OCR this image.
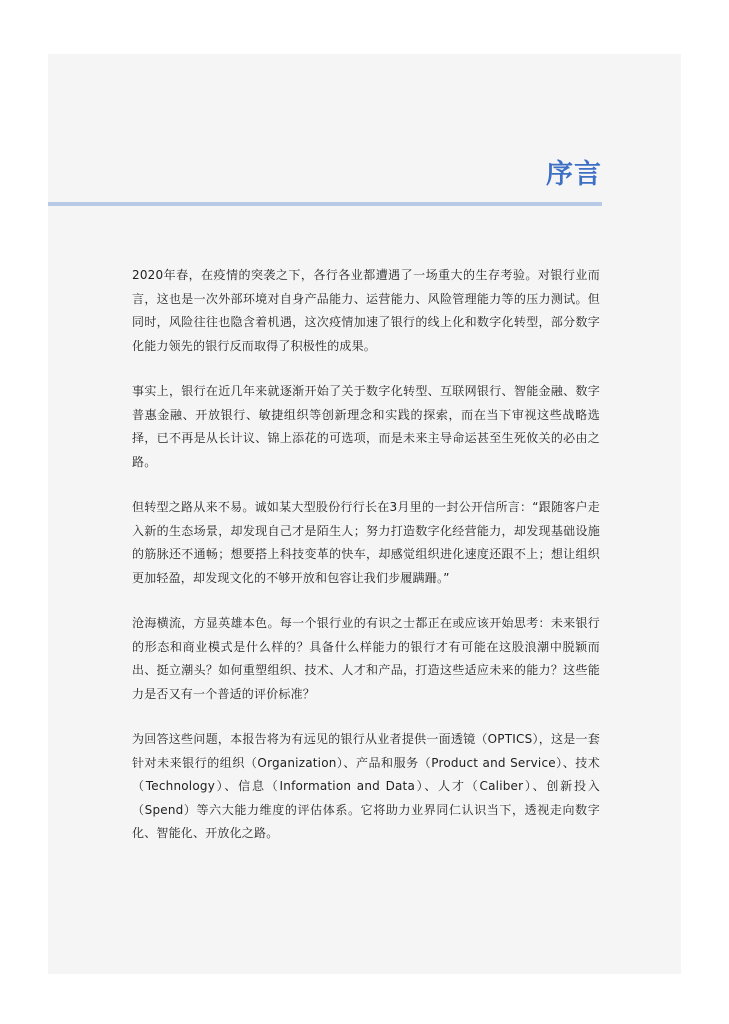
序言

2020年春，在疫情的突袭之下，各行各业都遭遇了一场重大的生存考验。对银行业而言，这也是一次外部环境对自身产品能力、运营能力、风险管理能力等的压力测试。但同时，风险往往也隐含着机遇，这次疫情加速了银行的线上化和数字化转型，部分数字化能力领先的银行反而取得了积极性的成果。

事实上，银行在近几年来就逐渐开始了关于数字化转型、互联网银行、智能金融、数字普惠金融、开放银行、敏捷组织等创新理念和实践的探索，而在当下审视这些战略选择，已不再是从长计议、锦上添花的可选项，而是未来主导命运甚至生死攸关的必由之路。

但转型之路从来不易。诚如某大型股份行行长在3月里的一封公开信所言：“跟随客户走入新的生态场景，却发现自己才是陌生人；努力打造数字化经营能力，却发现基础设施的筋脉还不通畅；想要搭上科技变革的快车，却感觉组织进化速度还跟不上；想让组织更加轻盈，却发现文化的不够开放和包容让我们步履蹒跚。”

沧海横流，方显英雄本色。每一个银行业的有识之士都正在或应该开始思考：未来银行的形态和商业模式是什么样的？具备什么样能力的银行才有可能在这股浪潮中脱颖而出、挺立潮头？如何重塑组织、技术、人才和产品，打造这些适应未来的能力？这些能力是否又有一个普适的评价标准？

为回答这些问题，本报告将为有远见的银行从业者提供一面透镜（OPTICS），这是一套针对未来银行的组织（Organization）、产品和服务（Product and Service）、技术（Technology）、信息（Information and Data）、人才（Caliber）、创新投入（Spend）等六大能力维度的评估体系。它将助力业界同仁认识当下，透视走向数字化、智能化、开放化之路。
